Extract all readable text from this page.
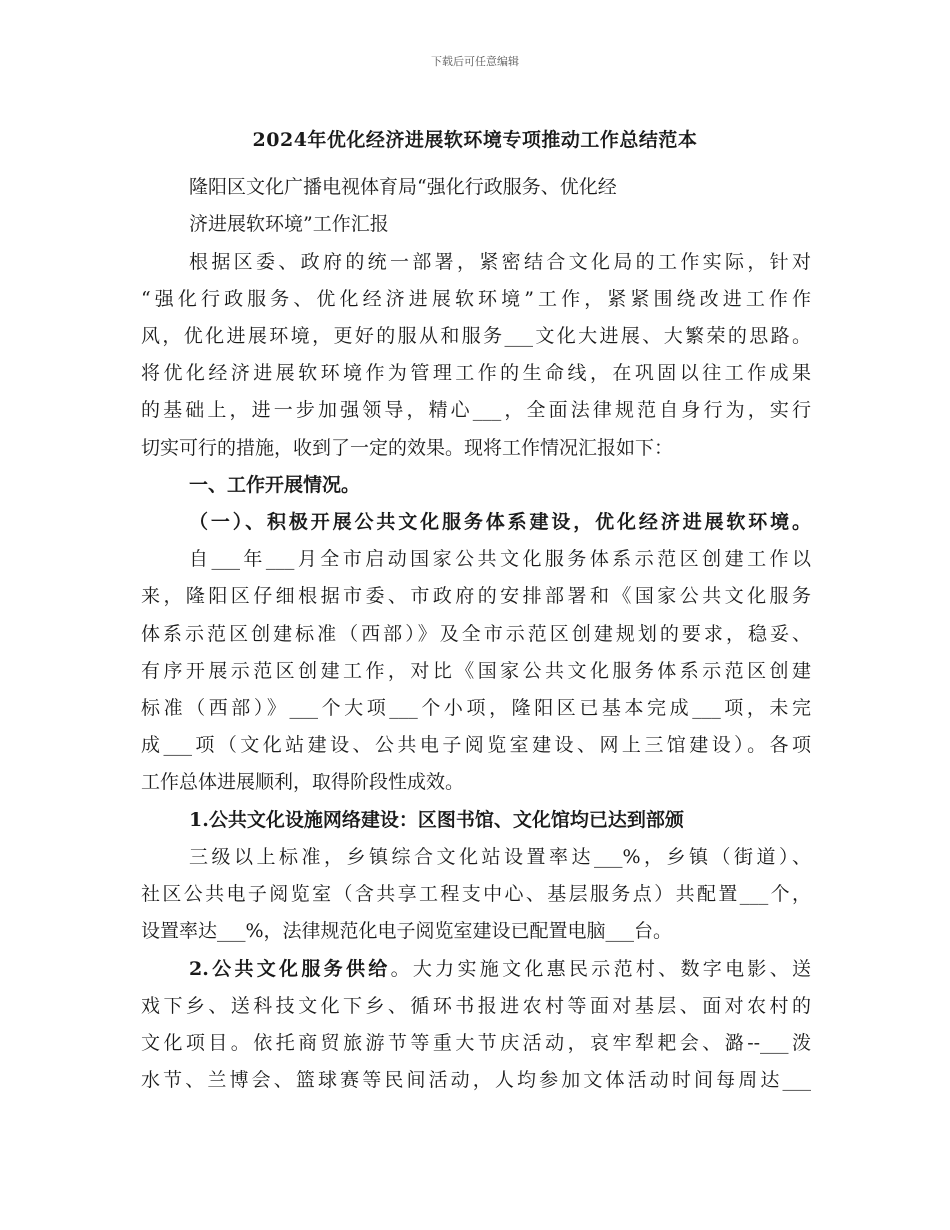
下载后可任意编辑
2024年优化经济进展软环境专项推动工作总结范本
隆阳区文化广播电视体育局“强化行政服务、优化经
济进展软环境”工作汇报
根据区委、政府的统一部署，紧密结合文化局的工作实际，针对
“强化行政服务、优化经济进展软环境”工作，紧紧围绕改进工作作
风，优化进展环境，更好的服从和服务___文化大进展、大繁荣的思路。
将优化经济进展软环境作为管理工作的生命线，在巩固以往工作成果
的基础上，进一步加强领导，精心___，全面法律规范自身行为，实行
切实可行的措施，收到了一定的效果。现将工作情况汇报如下：
一、工作开展情况。
（一）、积极开展公共文化服务体系建设，优化经济进展软环境。
自___年___月全市启动国家公共文化服务体系示范区创建工作以
来，隆阳区仔细根据市委、市政府的安排部署和《国家公共文化服务
体系示范区创建标准（西部）》及全市示范区创建规划的要求，稳妥、
有序开展示范区创建工作，对比《国家公共文化服务体系示范区创建
标准（西部）》___个大项___个小项，隆阳区已基本完成___项，未完
成___项（文化站建设、公共电子阅览室建设、网上三馆建设）。各项
工作总体进展顺利，取得阶段性成效。
1.公共文化设施网络建设：区图书馆、文化馆均已达到部颁
三级以上标准，乡镇综合文化站设置率达___%，乡镇（街道）、
社区公共电子阅览室（含共享工程支中心、基层服务点）共配置___个，
设置率达___%，法律规范化电子阅览室建设已配置电脑___台。
2.公共文化服务供给。大力实施文化惠民示范村、数字电影、送
戏下乡、送科技文化下乡、循环书报进农村等面对基层、面对农村的
文化项目。依托商贸旅游节等重大节庆活动，哀牢犁耙会、潞--___泼
水节、兰博会、篮球赛等民间活动，人均参加文体活动时间每周达___
